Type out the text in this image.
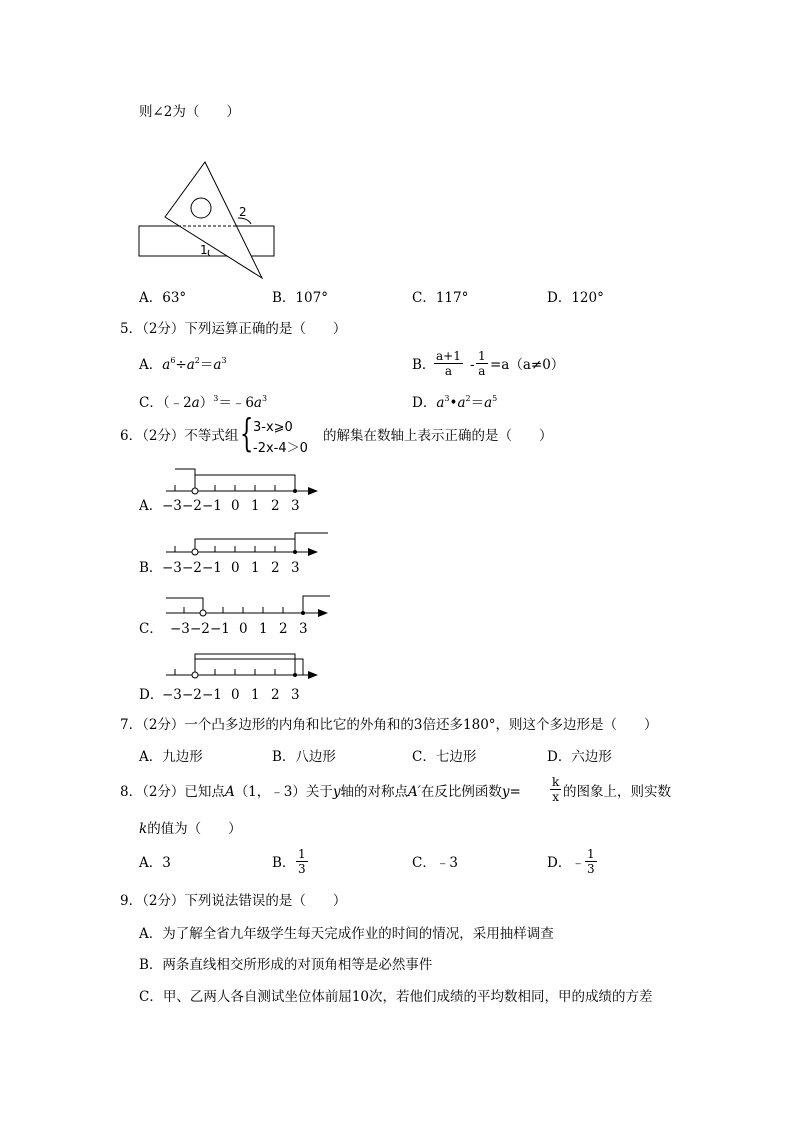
则∠2为（　　）
2
1
A．63°	B．107°	C．117°	D．120°
5．（2分）下列运算正确的是（　　）
A．$a^6\div a^2=a^3$	B．
$\frac{a+1}{a} - \frac{1}{a} =a(a\ne 0)$
C．$(﹣2a)^3=﹣6a^3$	D．$a^3•a^2=a^5$
6．（2分）不等式组 { 3-x⩾0
-2x-4＞0
的解集在数轴上表示正确的是（　　）
A．
B．
C．
D．
−3 −2 −1 0 1 2 3
−3 −2 −1 0 1 2 3
−3 −2 −1 0 1 2 3
−3 −2 −1 0 1 2 3
7．（2分）一个凸多边形的内角和比它的外角和的3倍还多180°，则这个多边形是（　　）
A．九边形	B．八边形	C．七边形	D．六边形
8．（2分）已知点A（1，﹣3）关于y轴的对称点A′在反比例函数$y= \frac{k}{x}$ 的图象上，则实数
k的值为（　　）
A．3	B． $\frac{1}{3}$	C．﹣3	D．﹣ $\frac{1}{3}$
9．（2分）下列说法错误的是（　　）
A．为了解全省九年级学生每天完成作业的时间的情况，采用抽样调查
B．两条直线相交所形成的对顶角相等是必然事件
C．甲、乙两人各自测试坐位体前屈10次，若他们成绩的平均数相同，甲的成绩的方差
